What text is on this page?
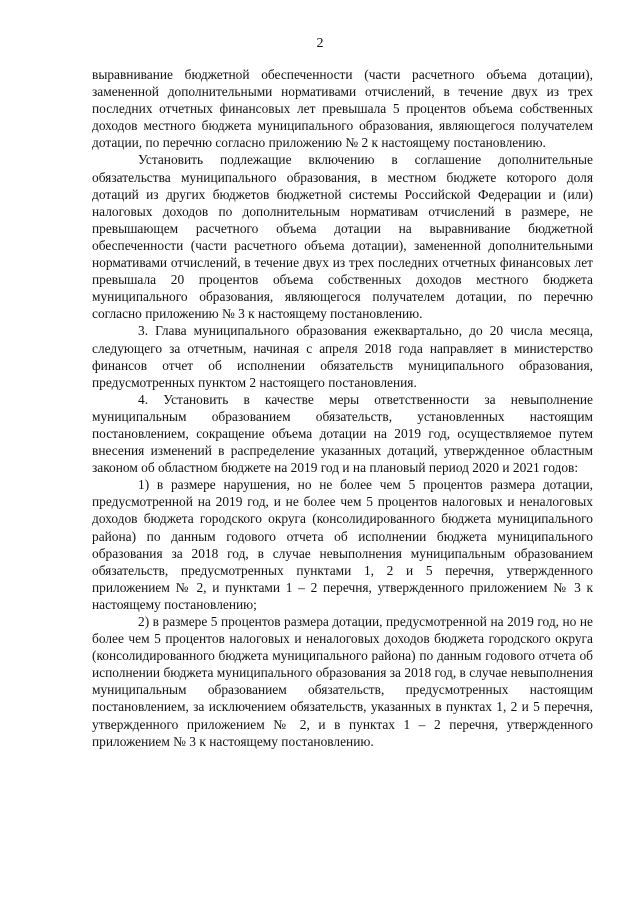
2

выравнивание бюджетной обеспеченности (части расчетного объема дотации), замененной дополнительными нормативами отчислений, в течение двух из трех последних отчетных финансовых лет превышала 5 процентов объема собственных доходов местного бюджета муниципального образования, являющегося получателем дотации, по перечню согласно приложению № 2 к настоящему постановлению.

Установить подлежащие включению в соглашение дополнительные обязательства муниципального образования, в местном бюджете которого доля дотаций из других бюджетов бюджетной системы Российской Федерации и (или) налоговых доходов по дополнительным нормативам отчислений в размере, не превышающем расчетного объема дотации на выравнивание бюджетной обеспеченности (части расчетного объема дотации), замененной дополнительными нормативами отчислений, в течение двух из трех последних отчетных финансовых лет превышала 20 процентов объема собственных доходов местного бюджета муниципального образования, являющегося получателем дотации, по перечню согласно приложению № 3 к настоящему постановлению.

3. Глава муниципального образования ежеквартально, до 20 числа месяца, следующего за отчетным, начиная с апреля 2018 года направляет в министерство финансов отчет об исполнении обязательств муниципального образования, предусмотренных пунктом 2 настоящего постановления.

4. Установить в качестве меры ответственности за невыполнение муниципальным образованием обязательств, установленных настоящим постановлением, сокращение объема дотации на 2019 год, осуществляемое путем внесения изменений в распределение указанных дотаций, утвержденное областным законом об областном бюджете на 2019 год и на плановый период 2020 и 2021 годов:

1) в размере нарушения, но не более чем 5 процентов размера дотации, предусмотренной на 2019 год, и не более чем 5 процентов налоговых и неналоговых доходов бюджета городского округа (консолидированного бюджета муниципального района) по данным годового отчета об исполнении бюджета муниципального образования за 2018 год, в случае невыполнения муниципальным образованием обязательств, предусмотренных пунктами 1, 2 и 5 перечня, утвержденного приложением № 2, и пунктами 1 – 2 перечня, утвержденного приложением № 3 к настоящему постановлению;

2) в размере 5 процентов размера дотации, предусмотренной на 2019 год, но не более чем 5 процентов налоговых и неналоговых доходов бюджета городского округа (консолидированного бюджета муниципального района) по данным годового отчета об исполнении бюджета муниципального образования за 2018 год, в случае невыполнения муниципальным образованием обязательств, предусмотренных настоящим постановлением, за исключением обязательств, указанных в пунктах 1, 2 и 5 перечня, утвержденного приложением № 2, и в пунктах 1 – 2 перечня, утвержденного приложением № 3 к настоящему постановлению.
